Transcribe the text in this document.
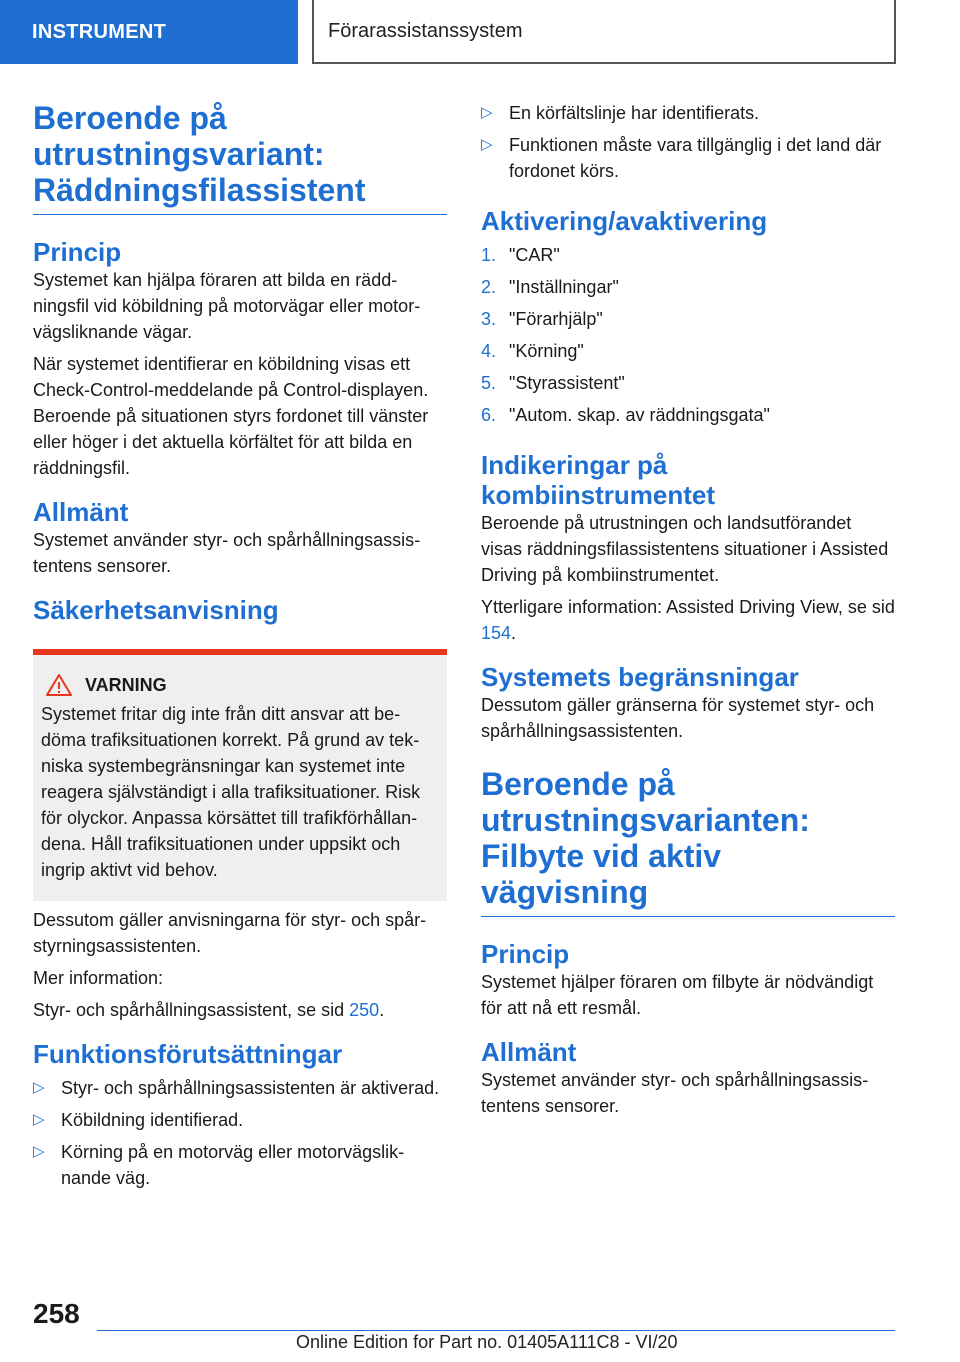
INSTRUMENT	Förarassistanssystem
Beroende på utrustningsvariant: Räddningsfilassistent
Princip

Systemet kan hjälpa föraren att bilda en räddningsfil vid köbildning på motorvägar eller motorvägsliknande vägar.

När systemet identifierar en köbildning visas ett Check-Control-meddelande på Control-displayen. Beroende på situationen styrs fordonet till vänster eller höger i det aktuella körfältet för att bilda en räddningsfil.

Allmänt

Systemet använder styr- och spårhållningsassistentens sensorer.

Säkerhetsanvisning
VARNING

Systemet fritar dig inte från ditt ansvar att bedöma trafiksituationen korrekt. På grund av tekniska systembegränsningar kan systemet inte reagera självständigt i alla trafiksituationer. Risk för olyckor. Anpassa körsättet till trafikförhållandena. Håll trafiksituationen under uppsikt och ingrip aktivt vid behov.

Dessutom gäller anvisningarna för styr- och spårstyrningsassistenten.

Mer information:

Styr- och spårhållningsassistent, se sid 250.

Funktionsförutsättningar
▷ Styr- och spårhållningsassistenten är aktiverad.
▷ Köbildning identifierad.
▷ Körning på en motorväg eller motorvägsliknande väg.
▷ En körfältslinje har identifierats.
▷ Funktionen måste vara tillgänglig i det land där fordonet körs.
Aktivering/avaktivering
1. "CAR"
2. "Inställningar"
3. "Förarhjälp"
4. "Körning"
5. "Styrassistent"
6. "Autom. skap. av räddningsgata"
Indikeringar på kombiinstrumentet

Beroende på utrustningen och landsutförandet visas räddningsfilassistentens situationer i Assisted Driving på kombiinstrumentet.

Ytterligare information: Assisted Driving View, se sid 154.

Systemets begränsningar

Dessutom gäller gränserna för systemet styr- och spårhållningsassistenten.

Beroende på utrustningsvarianten: Filbyte vid aktiv vägvisning
Princip

Systemet hjälper föraren om filbyte är nödvändigt för att nå ett resmål.

Allmänt

Systemet använder styr- och spårhållningsassistentens sensorer.

258
Online Edition for Part no. 01405A111C8 - VI/20
